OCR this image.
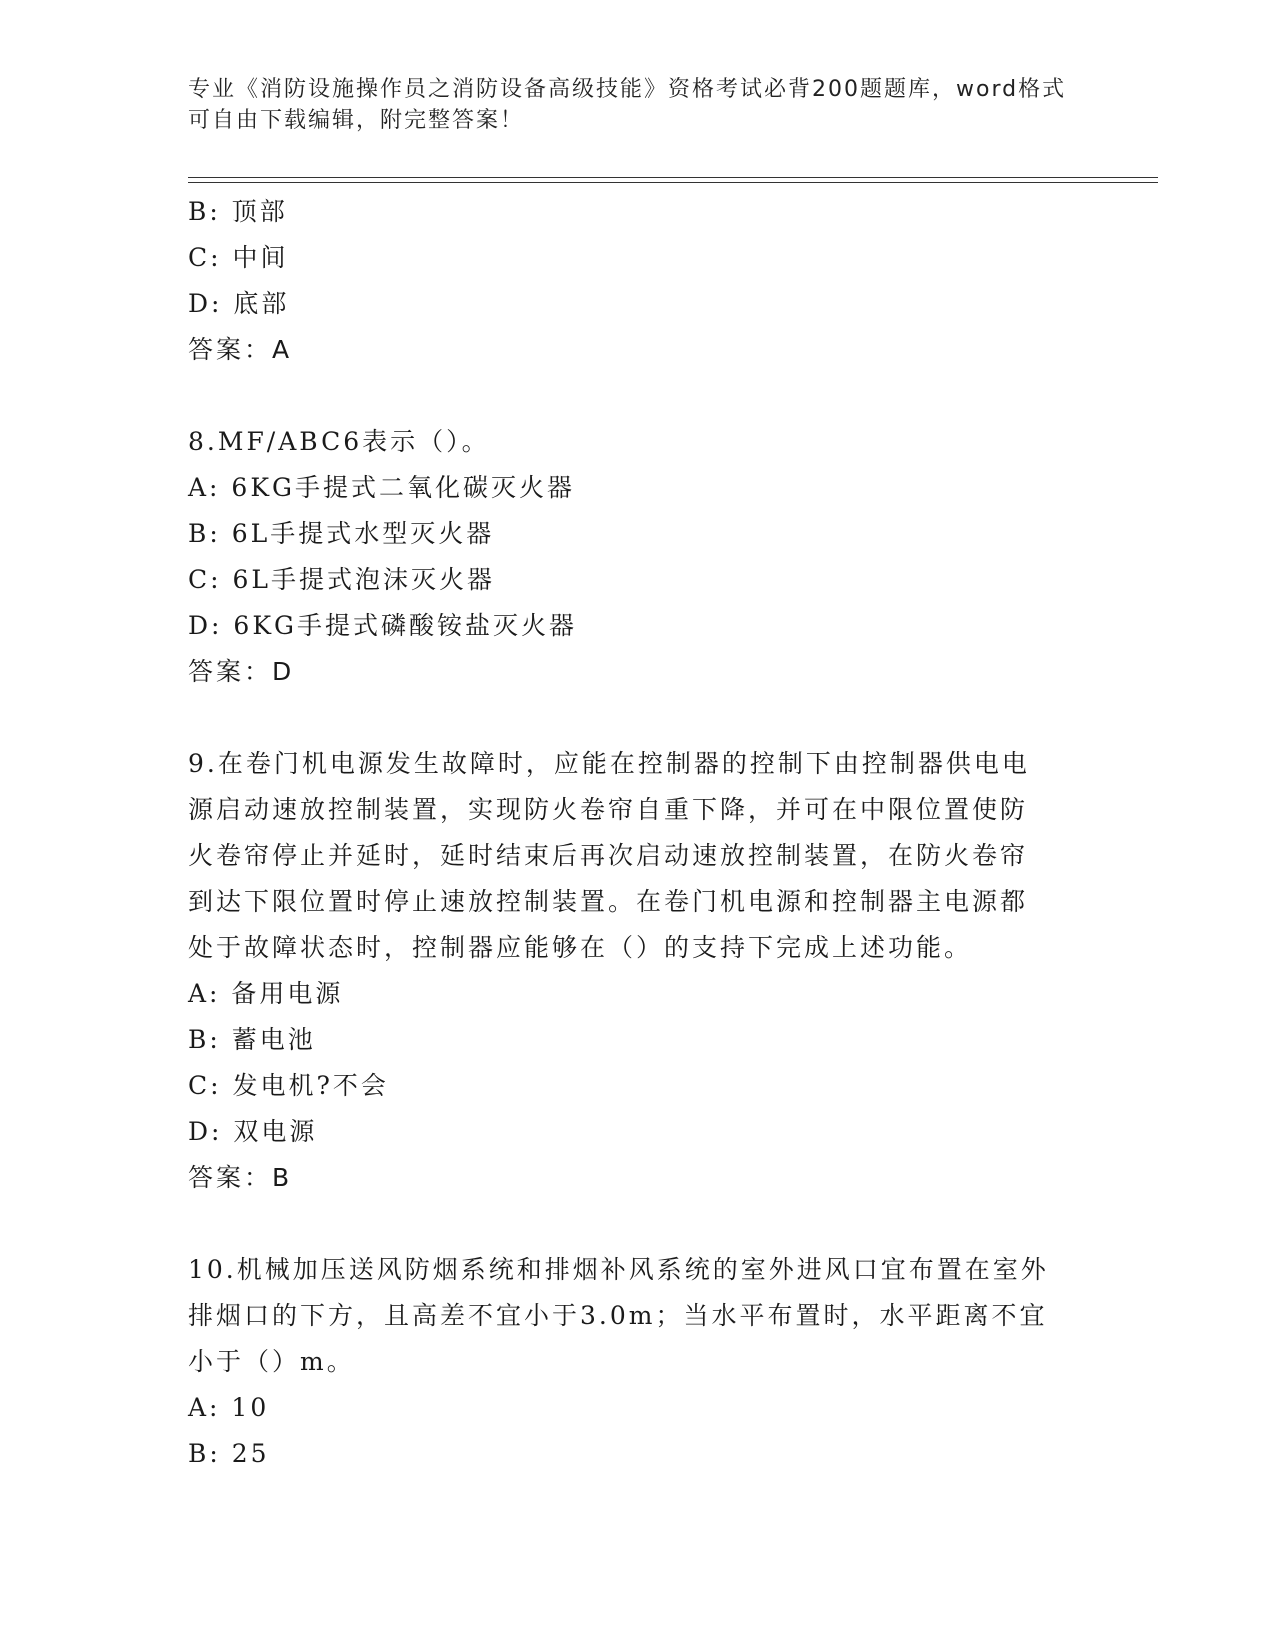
专业《消防设施操作员之消防设备高级技能》资格考试必背200题题库，word格式可自由下载编辑，附完整答案！
B: 顶部
C: 中间
D: 底部
答案：A
8.MF/ABC6表示（）。
A: 6KG手提式二氧化碳灭火器
B: 6L手提式水型灭火器
C: 6L手提式泡沫灭火器
D: 6KG手提式磷酸铵盐灭火器
答案：D
9.在卷门机电源发生故障时，应能在控制器的控制下由控制器供电电
源启动速放控制装置，实现防火卷帘自重下降，并可在中限位置使防
火卷帘停止并延时，延时结束后再次启动速放控制装置，在防火卷帘
到达下限位置时停止速放控制装置。在卷门机电源和控制器主电源都
处于故障状态时，控制器应能够在（）的支持下完成上述功能。
A: 备用电源
B: 蓄电池
C: 发电机?不会
D: 双电源
答案：B
10.机械加压送风防烟系统和排烟补风系统的室外进风口宜布置在室外
排烟口的下方，且高差不宜小于3.0m；当水平布置时，水平距离不宜
小于（）m。
A: 10
B: 25
